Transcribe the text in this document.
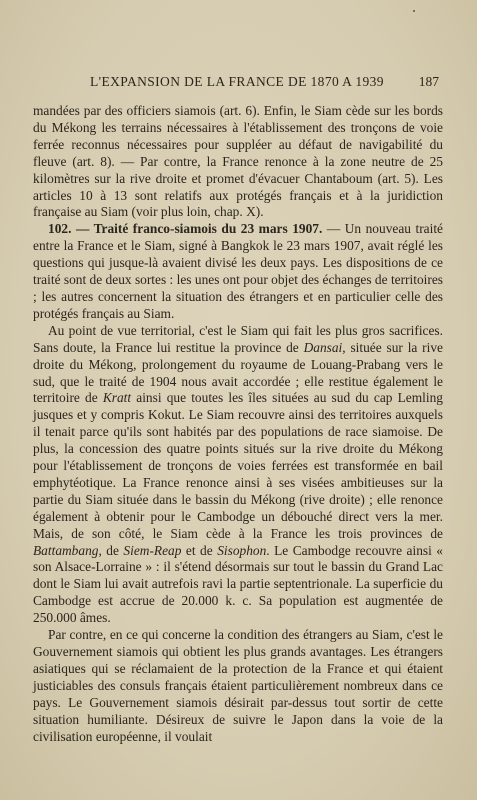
L'EXPANSION DE LA FRANCE DE 1870 A 1939	187

mandées par des officiers siamois (art. 6). Enfin, le Siam cède sur les bords du Mékong les terrains nécessaires à l'établissement des tronçons de voie ferrée reconnus nécessaires pour suppléer au défaut de navigabilité du fleuve (art. 8). — Par contre, la France renonce à la zone neutre de 25 kilomètres sur la rive droite et promet d'évacuer Chantaboum (art. 5). Les articles 10 à 13 sont relatifs aux protégés français et à la juridiction française au Siam (voir plus loin, chap. X).

102. — Traité franco-siamois du 23 mars 1907. — Un nouveau traité entre la France et le Siam, signé à Bangkok le 23 mars 1907, avait réglé les questions qui jusque-là avaient divisé les deux pays. Les dispositions de ce traité sont de deux sortes : les unes ont pour objet des échanges de territoires ; les autres concernent la situation des étrangers et en particulier celle des protégés français au Siam.

Au point de vue territorial, c'est le Siam qui fait les plus gros sacrifices. Sans doute, la France lui restitue la province de Dansai, située sur la rive droite du Mékong, prolongement du royaume de Louang-Prabang vers le sud, que le traité de 1904 nous avait accordée ; elle restitue également le territoire de Kratt ainsi que toutes les îles situées au sud du cap Lemling jusques et y compris Kokut. Le Siam recouvre ainsi des territoires auxquels il tenait parce qu'ils sont habités par des populations de race siamoise. De plus, la concession des quatre points situés sur la rive droite du Mékong pour l'établissement de tronçons de voies ferrées est transformée en bail emphytéotique. La France renonce ainsi à ses visées ambitieuses sur la partie du Siam située dans le bassin du Mékong (rive droite) ; elle renonce également à obtenir pour le Cambodge un débouché direct vers la mer. Mais, de son côté, le Siam cède à la France les trois provinces de Battambang, de Siem-Reap et de Sisophon. Le Cambodge recouvre ainsi « son Alsace-Lorraine » : il s'étend désormais sur tout le bassin du Grand Lac dont le Siam lui avait autrefois ravi la partie septentrionale. La superficie du Cambodge est accrue de 20.000 k. c. Sa population est augmentée de 250.000 âmes.

Par contre, en ce qui concerne la condition des étrangers au Siam, c'est le Gouvernement siamois qui obtient les plus grands avantages. Les étrangers asiatiques qui se réclamaient de la protection de la France et qui étaient justiciables des consuls français étaient particulièrement nombreux dans ce pays. Le Gouvernement siamois désirait par-dessus tout sortir de cette situation humiliante. Désireux de suivre le Japon dans la voie de la civilisation européenne, il voulait
